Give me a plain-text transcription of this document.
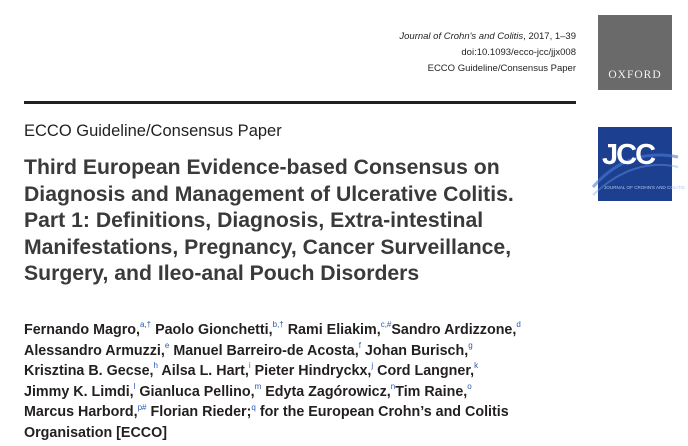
Journal of Crohn's and Colitis, 2017, 1–39
doi:10.1093/ecco-jcc/jjx008
ECCO Guideline/Consensus Paper
OXFORD
JCC
JOURNAL OF CROHN'S AND COLITIS
ECCO Guideline/Consensus Paper
Third European Evidence-based Consensus on
Diagnosis and Management of Ulcerative Colitis.
Part 1: Definitions, Diagnosis, Extra-intestinal
Manifestations, Pregnancy, Cancer Surveillance,
Surgery, and Ileo-anal Pouch Disorders
Fernando Magro,$^{a,\dagger}$ Paolo Gionchetti,$^{b,\dagger}$ Rami Eliakim,$^{c,\#}$Sandro Ardizzone,$^d$
Alessandro Armuzzi,$^e$ Manuel Barreiro-de Acosta,$^f$ Johan Burisch,$^g$
Krisztina B. Gecse,$^h$ Ailsa L. Hart,$^i$ Pieter Hindryckx,$^j$ Cord Langner,$^k$
Jimmy K. Limdi,$^l$ Gianluca Pellino,$^m$ Edyta Zagórowicz,$^n$Tim Raine,$^o$
Marcus Harbord,$^{p\#}$ Florian Rieder;$^q$ for the European Crohn’s and Colitis
Organisation [ECCO]
